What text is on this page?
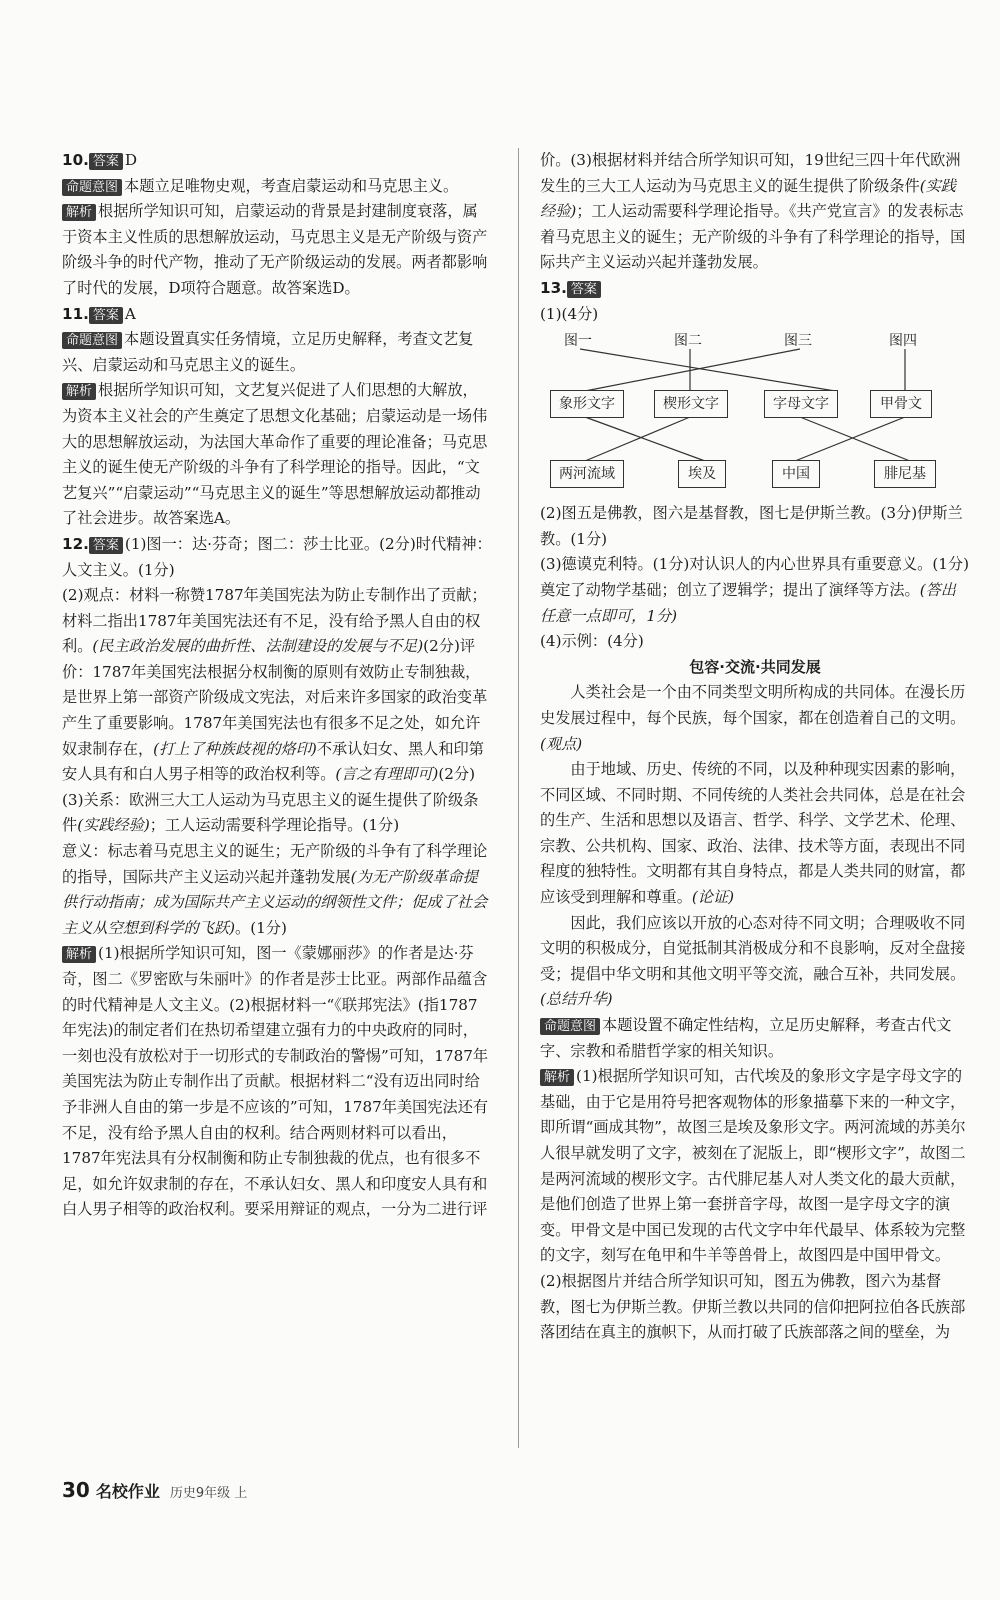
10. 答案 D

命题意图 本题立足唯物史观，考查启蒙运动和马克思主义。

解析 根据所学知识可知，启蒙运动的背景是封建制度衰落，属于资本主义性质的思想解放运动，马克思主义是无产阶级与资产阶级斗争的时代产物，推动了无产阶级运动的发展。两者都影响了时代的发展，D项符合题意。故答案选D。

11. 答案 A

命题意图 本题设置真实任务情境，立足历史解释，考查文艺复兴、启蒙运动和马克思主义的诞生。

解析 根据所学知识可知，文艺复兴促进了人们思想的大解放，为资本主义社会的产生奠定了思想文化基础；启蒙运动是一场伟大的思想解放运动，为法国大革命作了重要的理论准备；马克思主义的诞生使无产阶级的斗争有了科学理论的指导。因此，“文艺复兴”“启蒙运动”“马克思主义的诞生”等思想解放运动都推动了社会进步。故答案选A。

12. 答案 (1)图一：达·芬奇；图二：莎士比亚。(2分)时代精神：人文主义。(1分)

(2)观点：材料一称赞1787年美国宪法为防止专制作出了贡献；材料二指出1787年美国宪法还有不足，没有给予黑人自由的权利。(民主政治发展的曲折性、法制建设的发展与不足)(2分)评价：1787年美国宪法根据分权制衡的原则有效防止专制独裁，是世界上第一部资产阶级成文宪法，对后来许多国家的政治变革产生了重要影响。1787年美国宪法也有很多不足之处，如允许奴隶制存在，(打上了种族歧视的烙印)不承认妇女、黑人和印第安人具有和白人男子相等的政治权利等。(言之有理即可)(2分)

(3)关系：欧洲三大工人运动为马克思主义的诞生提供了阶级条件(实践经验)；工人运动需要科学理论指导。(1分)

意义：标志着马克思主义的诞生；无产阶级的斗争有了科学理论的指导，国际共产主义运动兴起并蓬勃发展(为无产阶级革命提供行动指南；成为国际共产主义运动的纲领性文件；促成了社会主义从空想到科学的飞跃)。(1分)

解析 (1)根据所学知识可知，图一《蒙娜丽莎》的作者是达·芬奇，图二《罗密欧与朱丽叶》的作者是莎士比亚。两部作品蕴含的时代精神是人文主义。(2)根据材料一“《联邦宪法》(指1787年宪法)的制定者们在热切希望建立强有力的中央政府的同时，一刻也没有放松对于一切形式的专制政治的警惕”可知，1787年美国宪法为防止专制作出了贡献。根据材料二“没有迈出同时给予非洲人自由的第一步是不应该的”可知，1787年美国宪法还有不足，没有给予黑人自由的权利。结合两则材料可以看出，1787年宪法具有分权制衡和防止专制独裁的优点，也有很多不足，如允许奴隶制的存在，不承认妇女、黑人和印度安人具有和白人男子相等的政治权利。要采用辩证的观点，一分为二进行评

价。(3)根据材料并结合所学知识可知，19世纪三四十年代欧洲发生的三大工人运动为马克思主义的诞生提供了阶级条件(实践经验)；工人运动需要科学理论指导。《共产党宣言》的发表标志着马克思主义的诞生；无产阶级的斗争有了科学理论的指导，国际共产主义运动兴起并蓬勃发展。

13. 答案

(1)(4分)

图一	图二	图三	图四
象形文字	楔形文字	字母文字	甲骨文
两河流域	埃及	中国	腓尼基

(2)图五是佛教，图六是基督教，图七是伊斯兰教。(3分)伊斯兰教。(1分)

(3)德谟克利特。(1分)对认识人的内心世界具有重要意义。(1分)奠定了动物学基础；创立了逻辑学；提出了演绎等方法。(答出任意一点即可，1分)

(4)示例：(4分)

包容·交流·共同发展

人类社会是一个由不同类型文明所构成的共同体。在漫长历史发展过程中，每个民族，每个国家，都在创造着自己的文明。(观点)

由于地域、历史、传统的不同，以及种种现实因素的影响，不同区域、不同时期、不同传统的人类社会共同体，总是在社会的生产、生活和思想以及语言、哲学、科学、文学艺术、伦理、宗教、公共机构、国家、政治、法律、技术等方面，表现出不同程度的独特性。文明都有其自身特点，都是人类共同的财富，都应该受到理解和尊重。(论证)

因此，我们应该以开放的心态对待不同文明；合理吸收不同文明的积极成分，自觉抵制其消极成分和不良影响，反对全盘接受；提倡中华文明和其他文明平等交流，融合互补，共同发展。(总结升华)

命题意图 本题设置不确定性结构，立足历史解释，考查古代文字、宗教和希腊哲学家的相关知识。

解析 (1)根据所学知识可知，古代埃及的象形文字是字母文字的基础，由于它是用符号把客观物体的形象描摹下来的一种文字，即所谓“画成其物”，故图三是埃及象形文字。两河流域的苏美尔人很早就发明了文字，被刻在了泥版上，即“楔形文字”，故图二是两河流域的楔形文字。古代腓尼基人对人类文化的最大贡献，是他们创造了世界上第一套拼音字母，故图一是字母文字的演变。甲骨文是中国已发现的古代文字中年代最早、体系较为完整的文字，刻写在龟甲和牛羊等兽骨上，故图四是中国甲骨文。(2)根据图片并结合所学知识可知，图五为佛教，图六为基督教，图七为伊斯兰教。伊斯兰教以共同的信仰把阿拉伯各氏族部落团结在真主的旗帜下，从而打破了氏族部落之间的壁垒，为

30 名校作业 历史9年级 上
